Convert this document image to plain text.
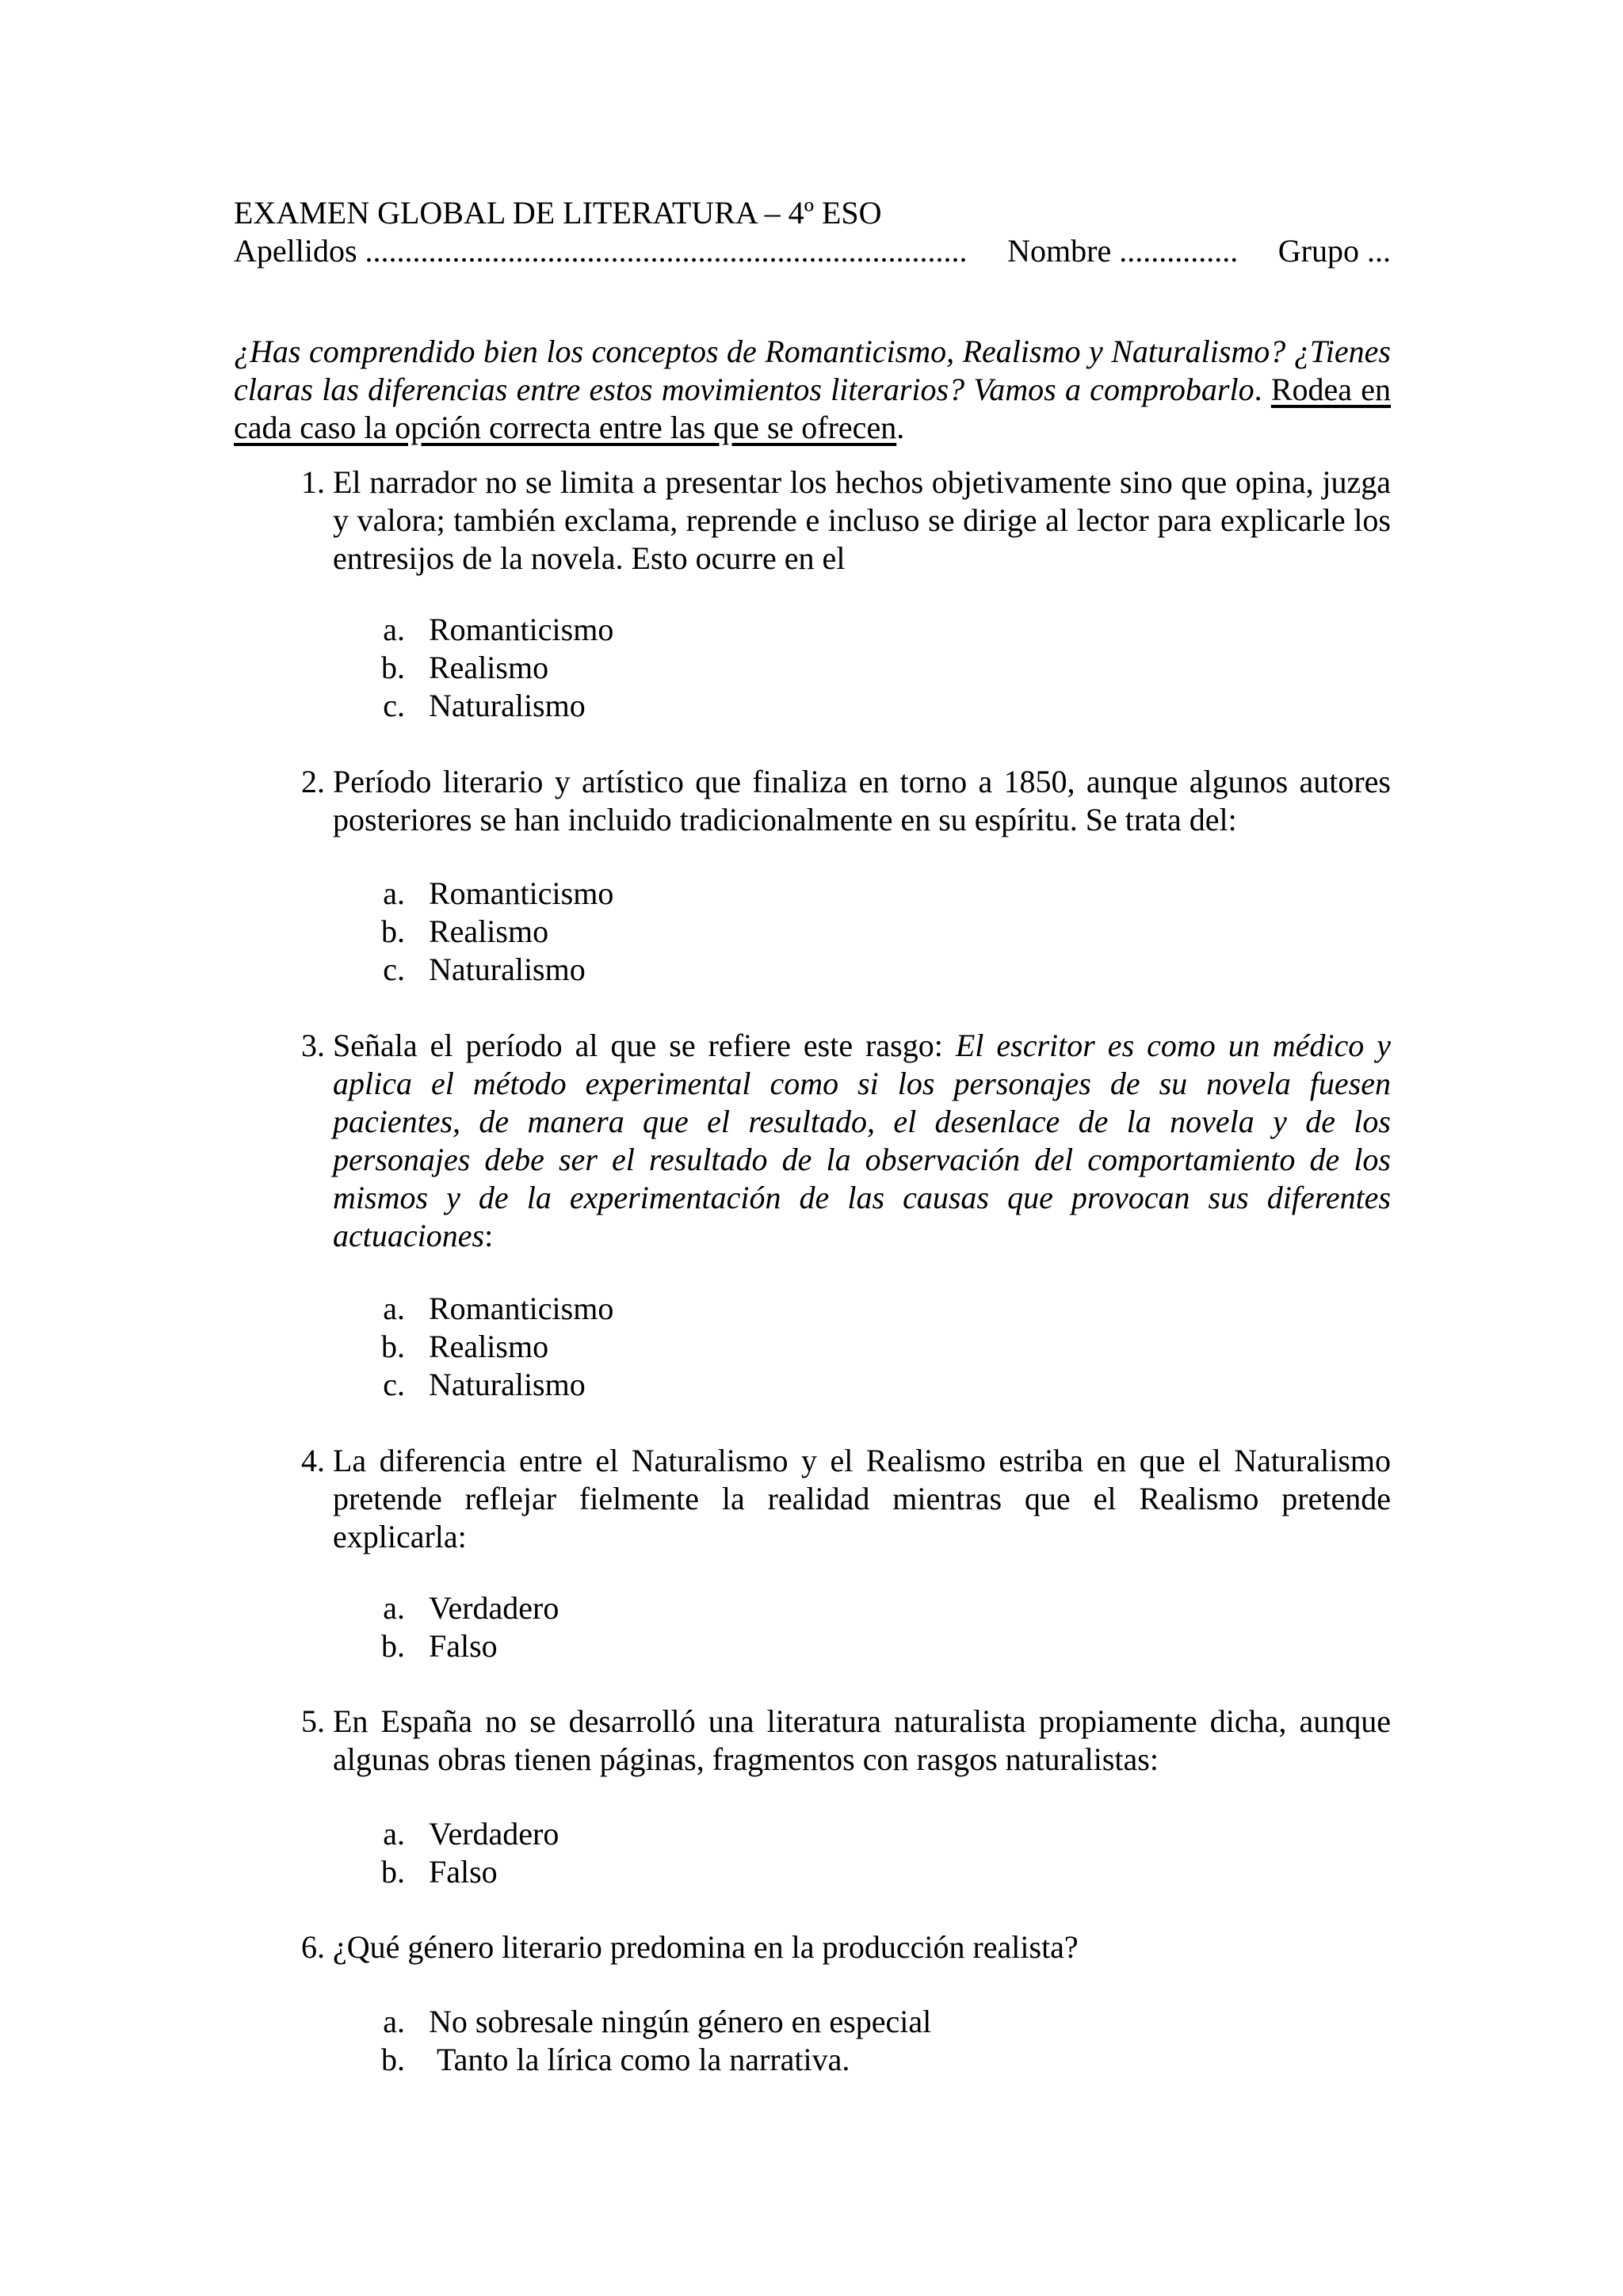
EXAMEN GLOBAL DE LITERATURA – 4º ESO
Apellidos ............................................................................ Nombre ............... Grupo ...
¿Has comprendido bien los conceptos de Romanticismo, Realismo y Naturalismo? ¿Tienes claras las diferencias entre estos movimientos literarios? Vamos a comprobarlo. Rodea en cada caso la opción correcta entre las que se ofrecen.
1. El narrador no se limita a presentar los hechos objetivamente sino que opina, juzga y valora; también exclama, reprende e incluso se dirige al lector para explicarle los entresijos de la novela. Esto ocurre en el
a. Romanticismo
b. Realismo
c. Naturalismo
2. Período literario y artístico que finaliza en torno a 1850, aunque algunos autores posteriores se han incluido tradicionalmente en su espíritu. Se trata del:
a. Romanticismo
b. Realismo
c. Naturalismo
3. Señala el período al que se refiere este rasgo: El escritor es como un médico y aplica el método experimental como si los personajes de su novela fuesen pacientes, de manera que el resultado, el desenlace de la novela y de los personajes debe ser el resultado de la observación del comportamiento de los mismos y de la experimentación de las causas que provocan sus diferentes actuaciones:
a. Romanticismo
b. Realismo
c. Naturalismo
4. La diferencia entre el Naturalismo y el Realismo estriba en que el Naturalismo pretende reflejar fielmente la realidad mientras que el Realismo pretende explicarla:
a. Verdadero
b. Falso
5. En España no se desarrolló una literatura naturalista propiamente dicha, aunque algunas obras tienen páginas, fragmentos con rasgos naturalistas:
a. Verdadero
b. Falso
6. ¿Qué género literario predomina en la producción realista?
a. No sobresale ningún género en especial
b. Tanto la lírica como la narrativa.
